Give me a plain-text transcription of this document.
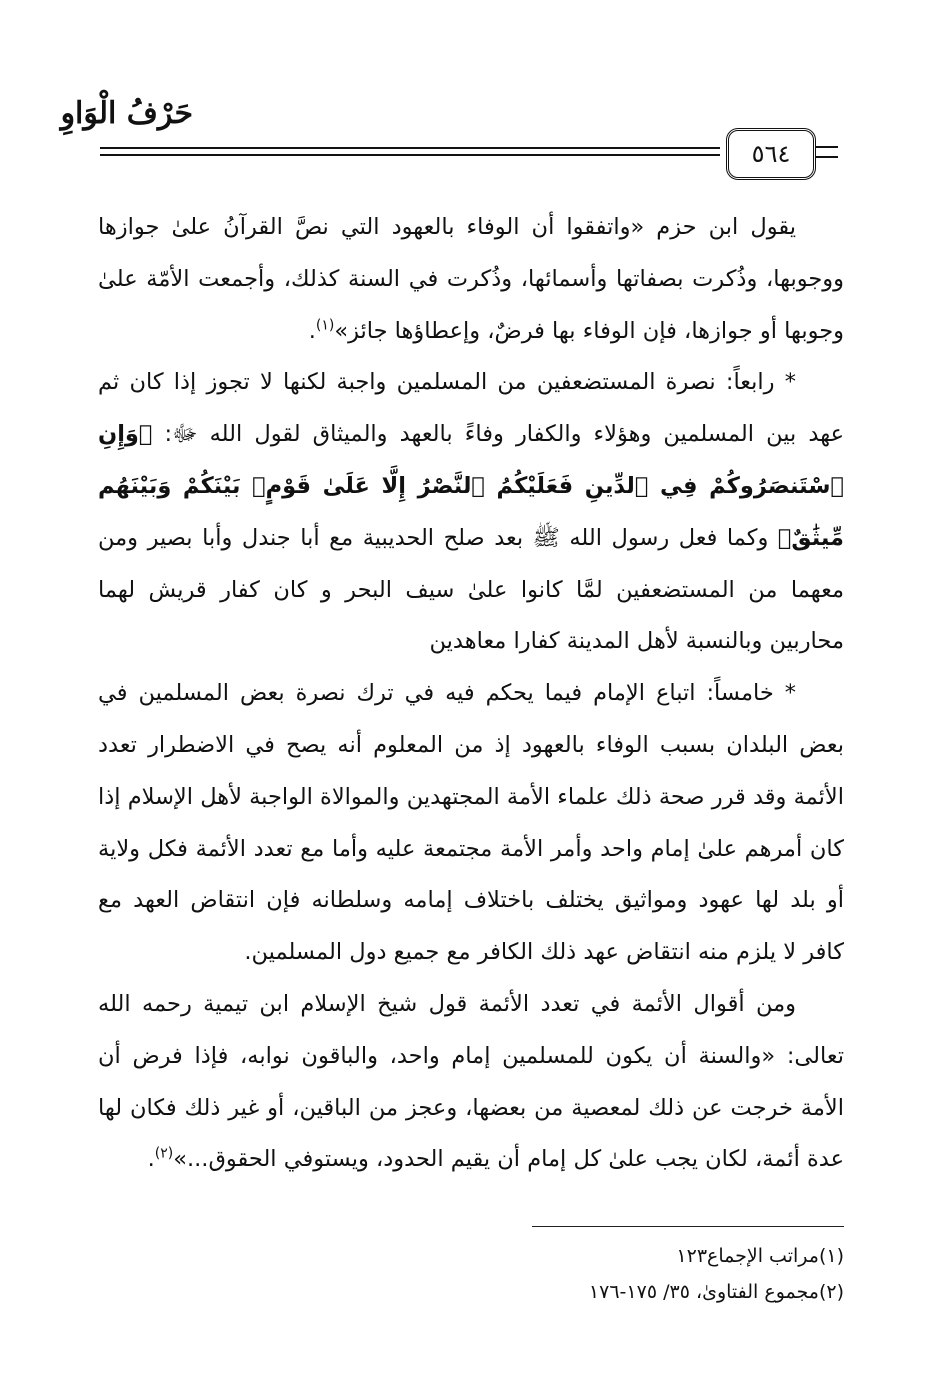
حَرْفُ الْوَاوِ
٥٦٤

يقول ابن حزم «واتفقوا أن الوفاء بالعهود التي نصَّ القرآنُ علىٰ جوازها ووجوبها، وذُكرت بصفاتها وأسمائها، وذُكرت في السنة كذلك، وأجمعت الأمّة علىٰ وجوبها أو جوازها، فإن الوفاء بها فرضٌ، وإعطاؤها جائز»$^{(١)}$.

* رابعاً: نصرة المستضعفين من المسلمين واجبة لكنها لا تجوز إذا كان ثم عهد بين المسلمين وهؤلاء والكفار وفاءً بالعهد والميثاق لقول الله ﷻ: ﴿وَإِنِ ٱسْتَنصَرُوكُمْ فِي ٱلدِّينِ فَعَلَيْكُمُ ٱلنَّصْرُ إِلَّا عَلَىٰ قَوْمٍۭ بَيْنَكُمْ وَبَيْنَهُم مِّيثَٰقٌ﴾ وكما فعل رسول الله ﷺ بعد صلح الحديبية مع أبا جندل وأبا بصير ومن معهما من المستضعفين لمَّا كانوا علىٰ سيف البحر و كان كفار قريش لهما محاربين وبالنسبة لأهل المدينة كفارا معاهدين

* خامساً: اتباع الإمام فيما يحكم فيه في ترك نصرة بعض المسلمين في بعض البلدان بسبب الوفاء بالعهود إذ من المعلوم أنه يصح في الاضطرار تعدد الأئمة وقد قرر صحة ذلك علماء الأمة المجتهدين والموالاة الواجبة لأهل الإسلام إذا كان أمرهم علىٰ إمام واحد وأمر الأمة مجتمعة عليه وأما مع تعدد الأئمة فكل ولاية أو بلد لها عهود ومواثيق يختلف باختلاف إمامه وسلطانه فإن انتقاض العهد مع كافر لا يلزم منه انتقاض عهد ذلك الكافر مع جميع دول المسلمين.

ومن أقوال الأئمة في تعدد الأئمة قول شيخ الإسلام ابن تيمية رحمه الله تعالى: «والسنة أن يكون للمسلمين إمام واحد، والباقون نوابه، فإذا فرض أن الأمة خرجت عن ذلك لمعصية من بعضها، وعجز من الباقين، أو غير ذلك فكان لها عدة أئمة، لكان يجب علىٰ كل إمام أن يقيم الحدود، ويستوفي الحقوق...»$^{(٢)}$.

(١)مراتب الإجماع١٢٣
(٢)مجموع الفتاوىٰ، ٣٥/ ١٧٥-١٧٦
